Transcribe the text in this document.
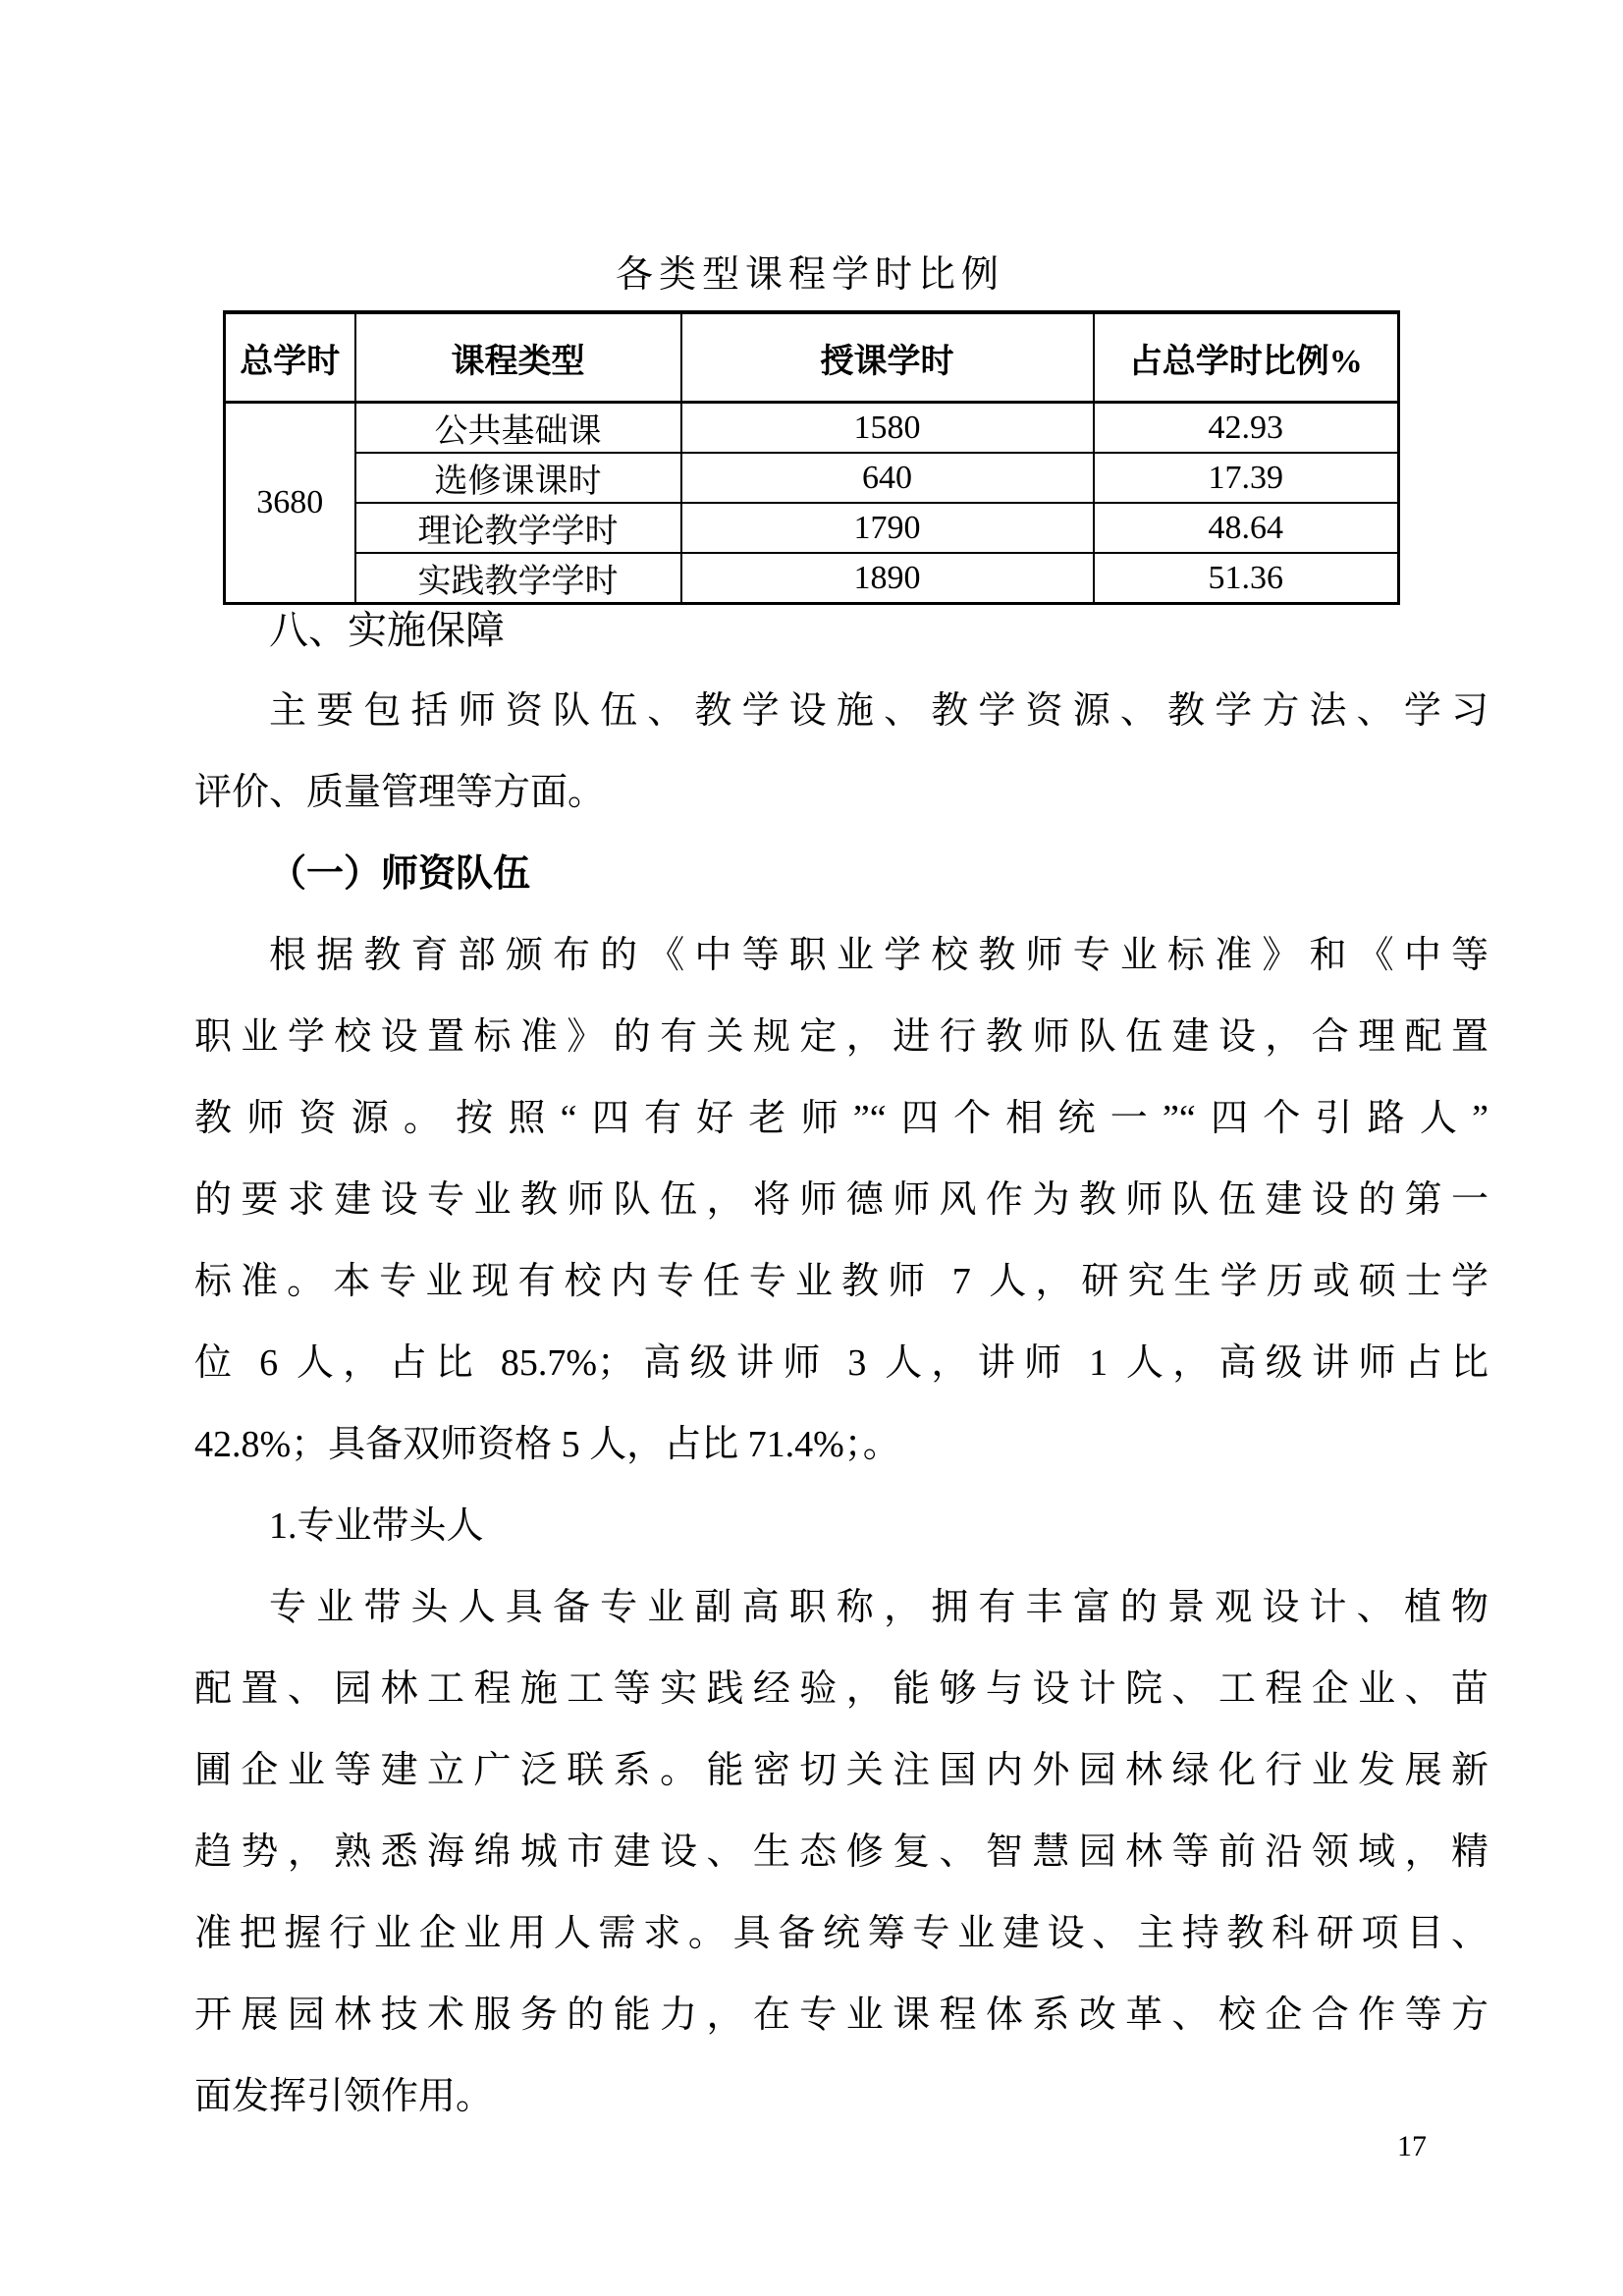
各类型课程学时比例
总学时	课程类型	授课学时	占总学时比例%
3680	公共基础课	1580	42.93
	选修课课时	640	17.39
	理论教学学时	1790	48.64
	实践教学学时	1890	51.36
八、实施保障
主要包括师资队伍、教学设施、教学资源、教学方法、学习
评价、质量管理等方面。
（一）师资队伍
根据教育部颁布的《中等职业学校教师专业标准》和《中等
职业学校设置标准》的有关规定，进行教师队伍建设，合理配置
教师资源。按照“四有好老师”“四个相统一”“四个引路人”
的要求建设专业教师队伍，将师德师风作为教师队伍建设的第一
标准。本专业现有校内专任专业教师 7 人，研究生学历或硕士学
位 6 人，占比 85.7%；高级讲师 3 人，讲师 1 人，高级讲师占比
42.8%；具备双师资格 5 人，占比 71.4%；。
1.专业带头人
专业带头人具备专业副高职称，拥有丰富的景观设计、植物
配置、园林工程施工等实践经验，能够与设计院、工程企业、苗
圃企业等建立广泛联系。能密切关注国内外园林绿化行业发展新
趋势，熟悉海绵城市建设、生态修复、智慧园林等前沿领域，精
准把握行业企业用人需求。具备统筹专业建设、主持教科研项目、
开展园林技术服务的能力，在专业课程体系改革、校企合作等方
面发挥引领作用。
17
